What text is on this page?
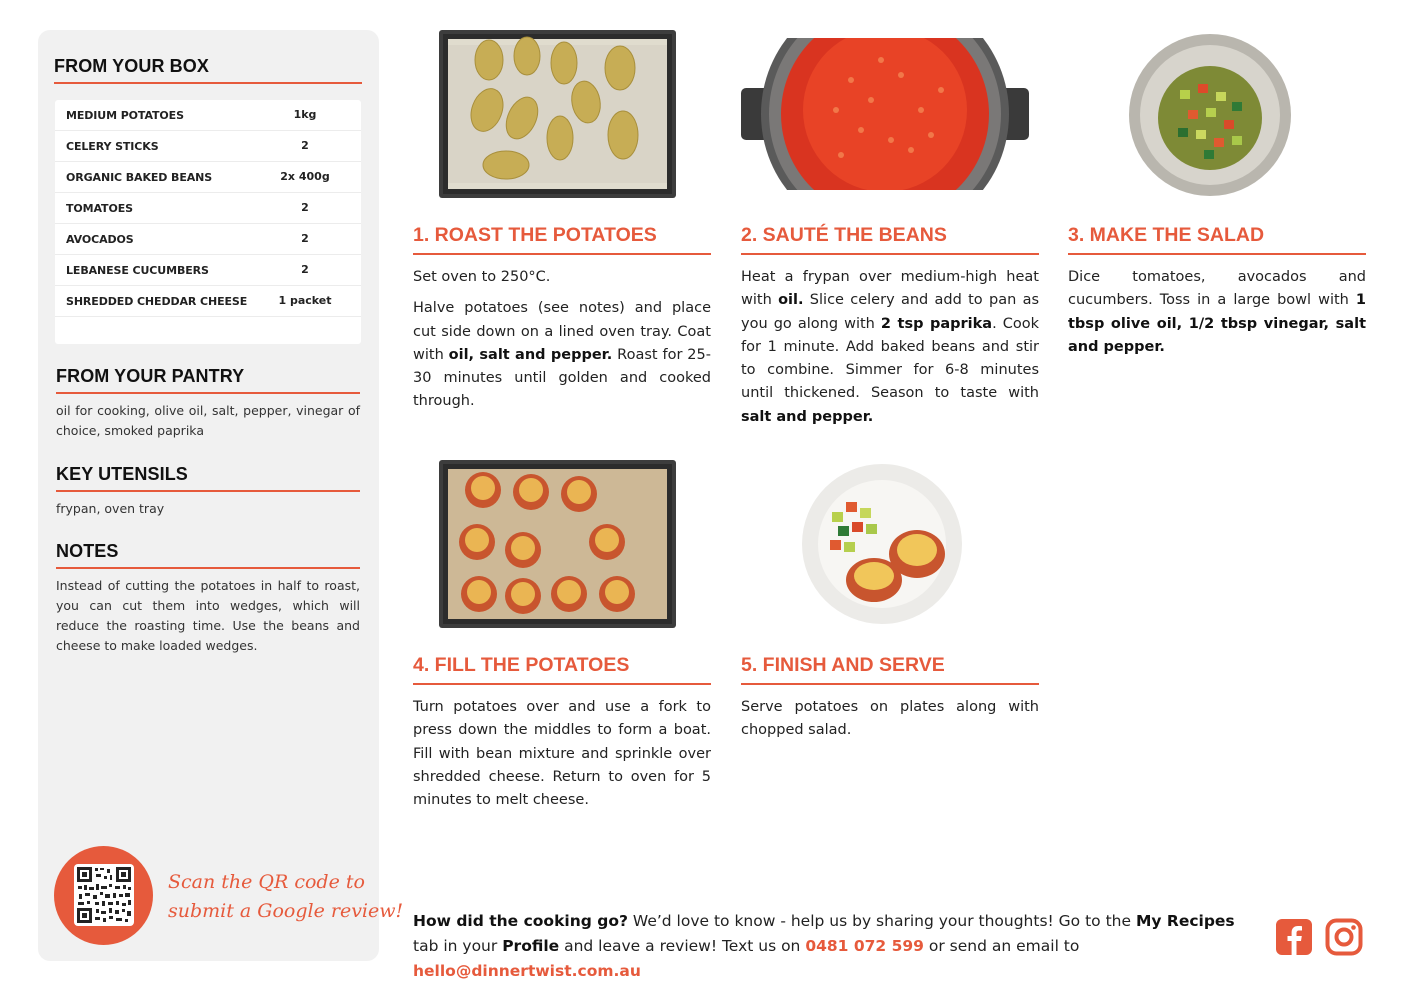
FROM YOUR BOX
MEDIUM POTATOES	1kg
CELERY STICKS	2
ORGANIC BAKED BEANS	2x 400g
TOMATOES	2
AVOCADOS	2
LEBANESE CUCUMBERS	2
SHREDDED CHEDDAR CHEESE	1 packet
FROM YOUR PANTRY
oil for cooking, olive oil, salt, pepper, vinegar of choice, smoked paprika
KEY UTENSILS
frypan, oven tray
NOTES
Instead of cutting the potatoes in half to roast, you can cut them into wedges, which will reduce the roasting time. Use the beans and cheese to make loaded wedges.
Scan the QR code to
submit a Google review!
1. ROAST THE POTATOES

Set oven to 250°C.

Halve potatoes (see notes) and place cut side down on a lined oven tray. Coat with oil, salt and pepper. Roast for 25-30 minutes until golden and cooked through.

2. SAUTÉ THE BEANS

Heat a frypan over medium-high heat with oil. Slice celery and add to pan as you go along with 2 tsp paprika. Cook for 1 minute. Add baked beans and stir to combine. Simmer for 6-8 minutes until thickened. Season to taste with salt and pepper.

3. MAKE THE SALAD

Dice tomatoes, avocados and cucumbers. Toss in a large bowl with 1 tbsp olive oil, 1/2 tbsp vinegar, salt and pepper.

4. FILL THE POTATOES

Turn potatoes over and use a fork to press down the middles to form a boat. Fill with bean mixture and sprinkle over shredded cheese. Return to oven for 5 minutes to melt cheese.

5. FINISH AND SERVE

Serve potatoes on plates along with chopped salad.

How did the cooking go? We’d love to know - help us by sharing your thoughts! Go to the My Recipes tab in your Profile and leave a review! Text us on 0481 072 599 or send an email to hello@dinnertwist.com.au
